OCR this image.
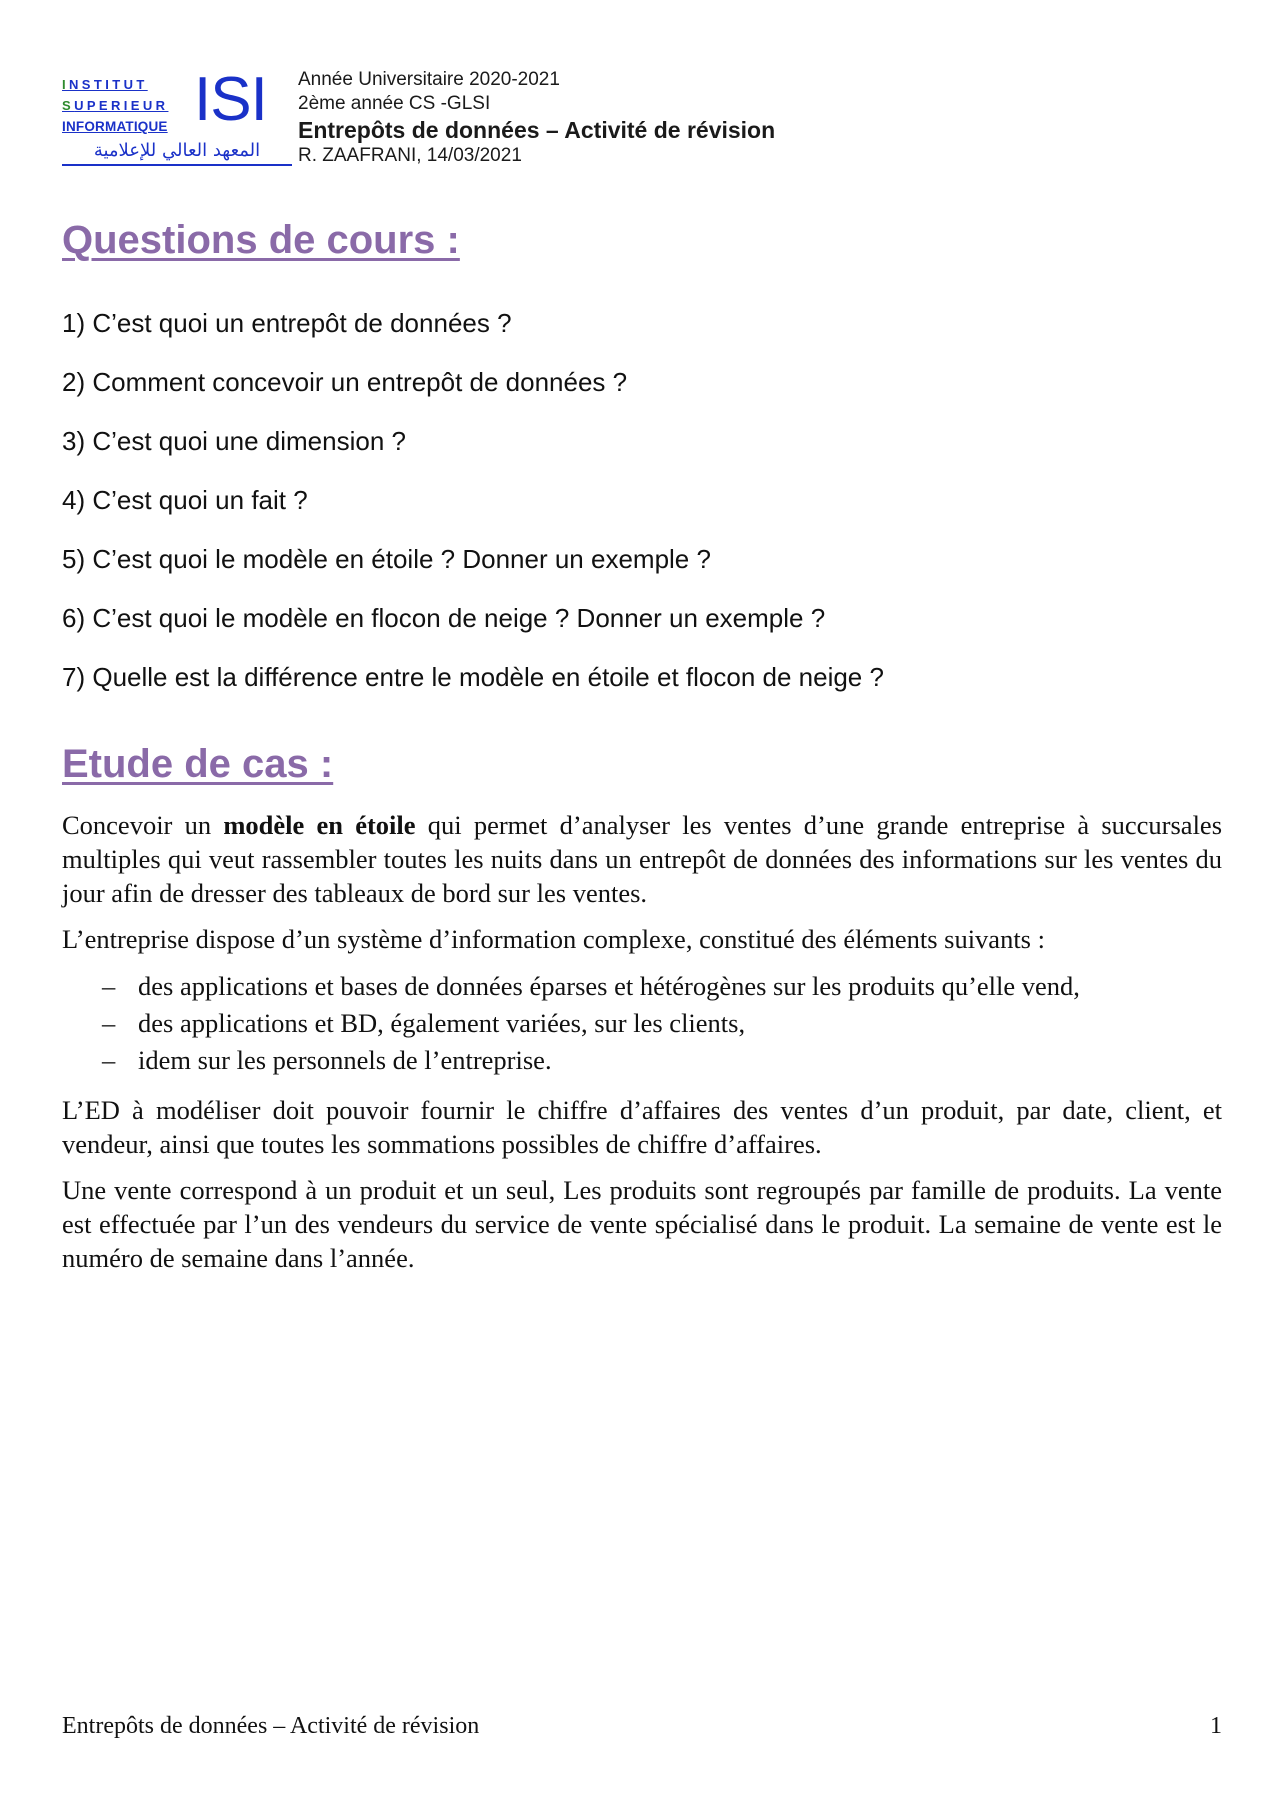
INSTITUT
SUPERIEUR
INFORMATIQUE ISI
المعهد العالي للإعلامية
Année Universitaire 2020-2021
2ème année CS -GLSI
Entrepôts de données – Activité de révision
R. ZAAFRANI, 14/03/2021
Questions de cours :
1) C’est quoi un entrepôt de données ?
2) Comment concevoir un entrepôt de données ?
3) C’est quoi une dimension ?
4) C’est quoi un fait ?
5) C’est quoi le modèle en étoile ? Donner un exemple ?
6) C’est quoi le modèle en flocon de neige ? Donner un exemple ?
7) Quelle est la différence entre le modèle en étoile et flocon de neige ?
Etude de cas :

Concevoir un modèle en étoile qui permet d’analyser les ventes d’une grande entreprise à succursales multiples qui veut rassembler toutes les nuits dans un entrepôt de données des informations sur les ventes du jour afin de dresser des tableaux de bord sur les ventes.

L’entreprise dispose d’un système d’information complexe, constitué des éléments suivants :

– des applications et bases de données éparses et hétérogènes sur les produits qu’elle vend,
– des applications et BD, également variées, sur les clients,
– idem sur les personnels de l’entreprise.

L’ED à modéliser doit pouvoir fournir le chiffre d’affaires des ventes d’un produit, par date, client, et vendeur, ainsi que toutes les sommations possibles de chiffre d’affaires.

Une vente correspond à un produit et un seul, Les produits sont regroupés par famille de produits. La vente est effectuée par l’un des vendeurs du service de vente spécialisé dans le produit. La semaine de vente est le numéro de semaine dans l’année.

Entrepôts de données – Activité de révision	1
